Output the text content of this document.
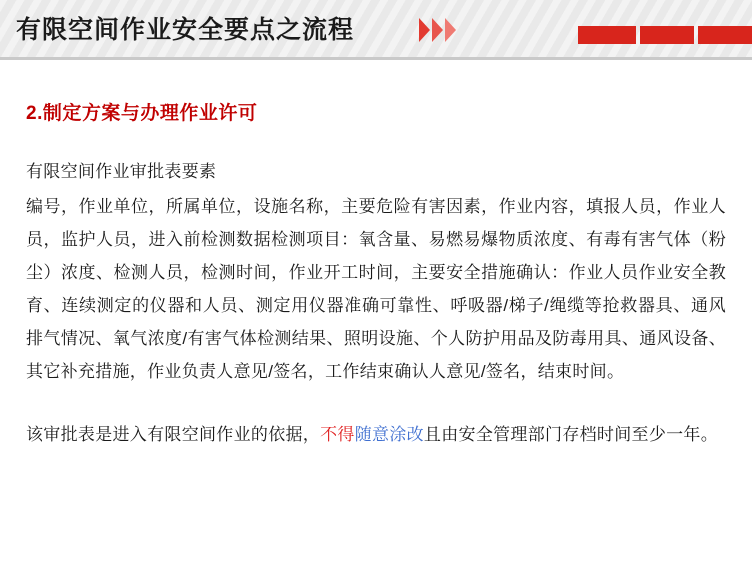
有限空间作业安全要点之流程
2.制定方案与办理作业许可
有限空间作业审批表要素
编号，作业单位，所属单位，设施名称，主要危险有害因素，作业内容，填报人员，作业人员，监护人员，进入前检测数据检测项目：氧含量、易燃易爆物质浓度、有毒有害气体（粉尘）浓度、检测人员，检测时间，作业开工时间，主要安全措施确认：作业人员作业安全教育、连续测定的仪器和人员、测定用仪器准确可靠性、呼吸器/梯子/绳缆等抢救器具、通风排气情况、氧气浓度/有害气体检测结果、照明设施、个人防护用品及防毒用具、通风设备、其它补充措施，作业负责人意见/签名，工作结束确认人意见/签名，结束时间。
该审批表是进入有限空间作业的依据，不得随意涂改且由安全管理部门存档时间至少一年。
